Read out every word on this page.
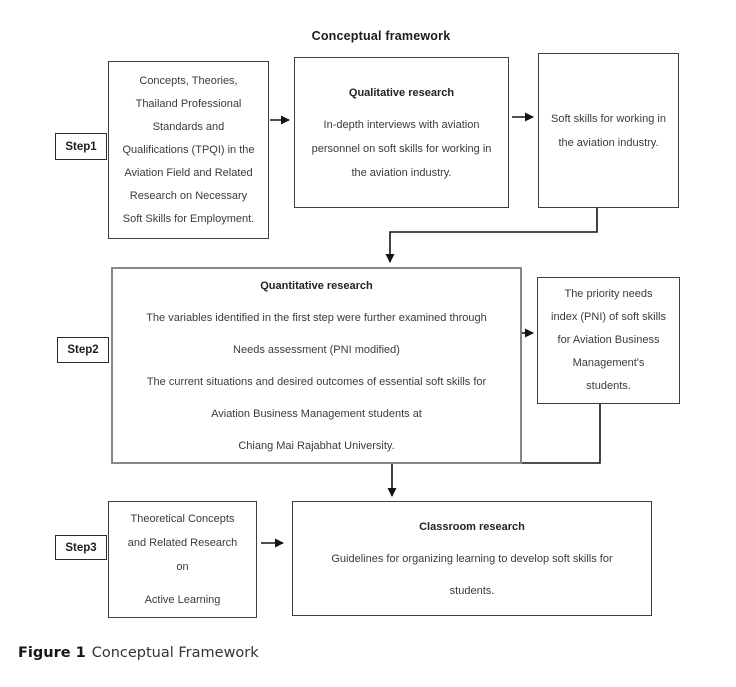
Conceptual framework
Step1
Step2
Step3
Concepts, Theories,
Thailand Professional
Standards and
Qualifications (TPQI) in the
Aviation Field and Related
Research on Necessary
Soft Skills for Employment.
Qualitative research
In-depth interviews with aviation
personnel on soft skills for working in
the aviation industry.
Soft skills for working in
the aviation industry.
Quantitative research
The variables identified in the first step were further examined through
Needs assessment (PNI modified)
The current situations and desired outcomes of essential soft skills for
Aviation Business Management students at
Chiang Mai Rajabhat University.
The priority needs
index (PNI) of soft skills
for Aviation Business
Management's
students.
Theoretical Concepts
and Related Research
on
Active Learning
Classroom research
Guidelines for organizing learning to develop soft skills for
students.
Figure 1 Conceptual Framework
